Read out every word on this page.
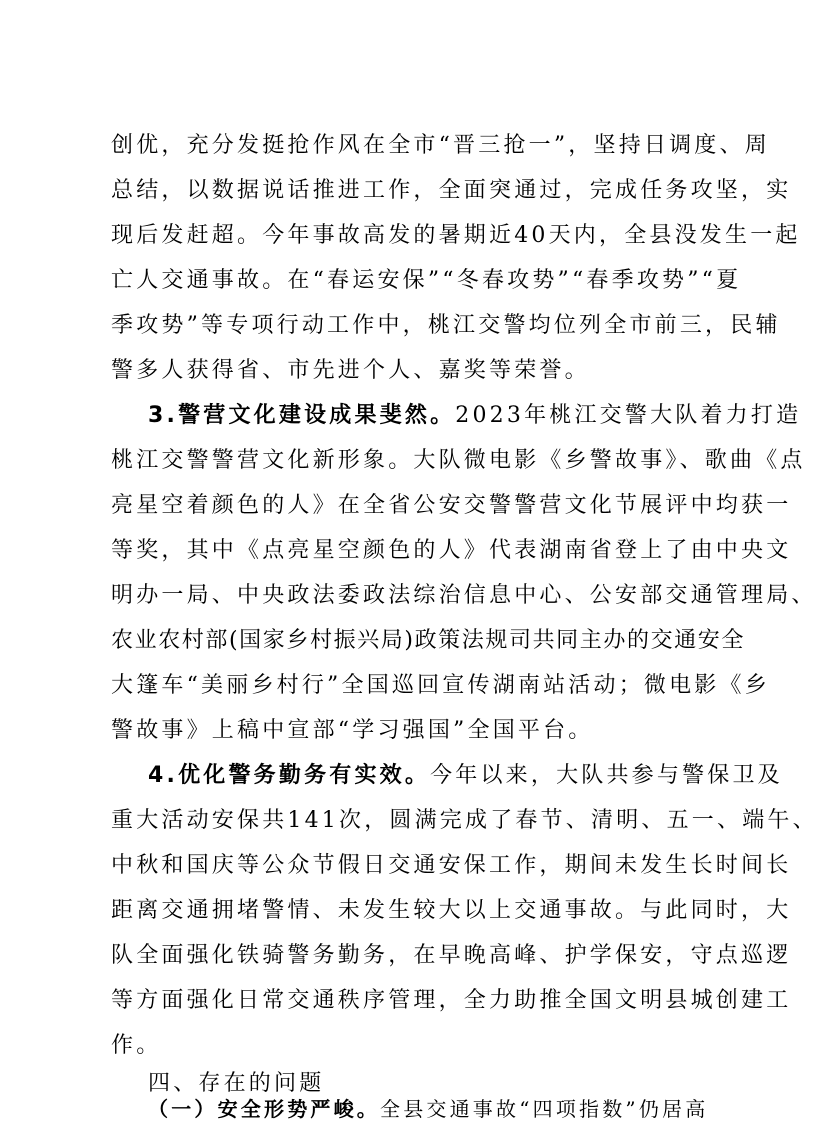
创优，充分发挺抢作风在全市“晋三抢一”，坚持日调度、周
总结，以数据说话推进工作，全面突通过，完成任务攻坚，实
现后发赶超。今年事故高发的暑期近40天内，全县没发生一起
亡人交通事故。在“春运安保”“冬春攻势”“春季攻势”“夏
季攻势”等专项行动工作中，桃江交警均位列全市前三，民辅
警多人获得省、市先进个人、嘉奖等荣誉。
3.警营文化建设成果斐然。2023年桃江交警大队着力打造
桃江交警警营文化新形象。大队微电影《乡警故事》、歌曲《点
亮星空着颜色的人》在全省公安交警警营文化节展评中均获一
等奖，其中《点亮星空颜色的人》代表湖南省登上了由中央文
明办一局、中央政法委政法综治信息中心、公安部交通管理局、
农业农村部(国家乡村振兴局)政策法规司共同主办的交通安全
大篷车“美丽乡村行”全国巡回宣传湖南站活动；微电影《乡
警故事》上稿中宣部“学习强国”全国平台。
4.优化警务勤务有实效。今年以来，大队共参与警保卫及
重大活动安保共141次，圆满完成了春节、清明、五一、端午、
中秋和国庆等公众节假日交通安保工作，期间未发生长时间长
距离交通拥堵警情、未发生较大以上交通事故。与此同时，大
队全面强化铁骑警务勤务，在早晚高峰、护学保安，守点巡逻
等方面强化日常交通秩序管理，全力助推全国文明县城创建工
作。
四、存在的问题
（一）安全形势严峻。全县交通事故“四项指数”仍居高
